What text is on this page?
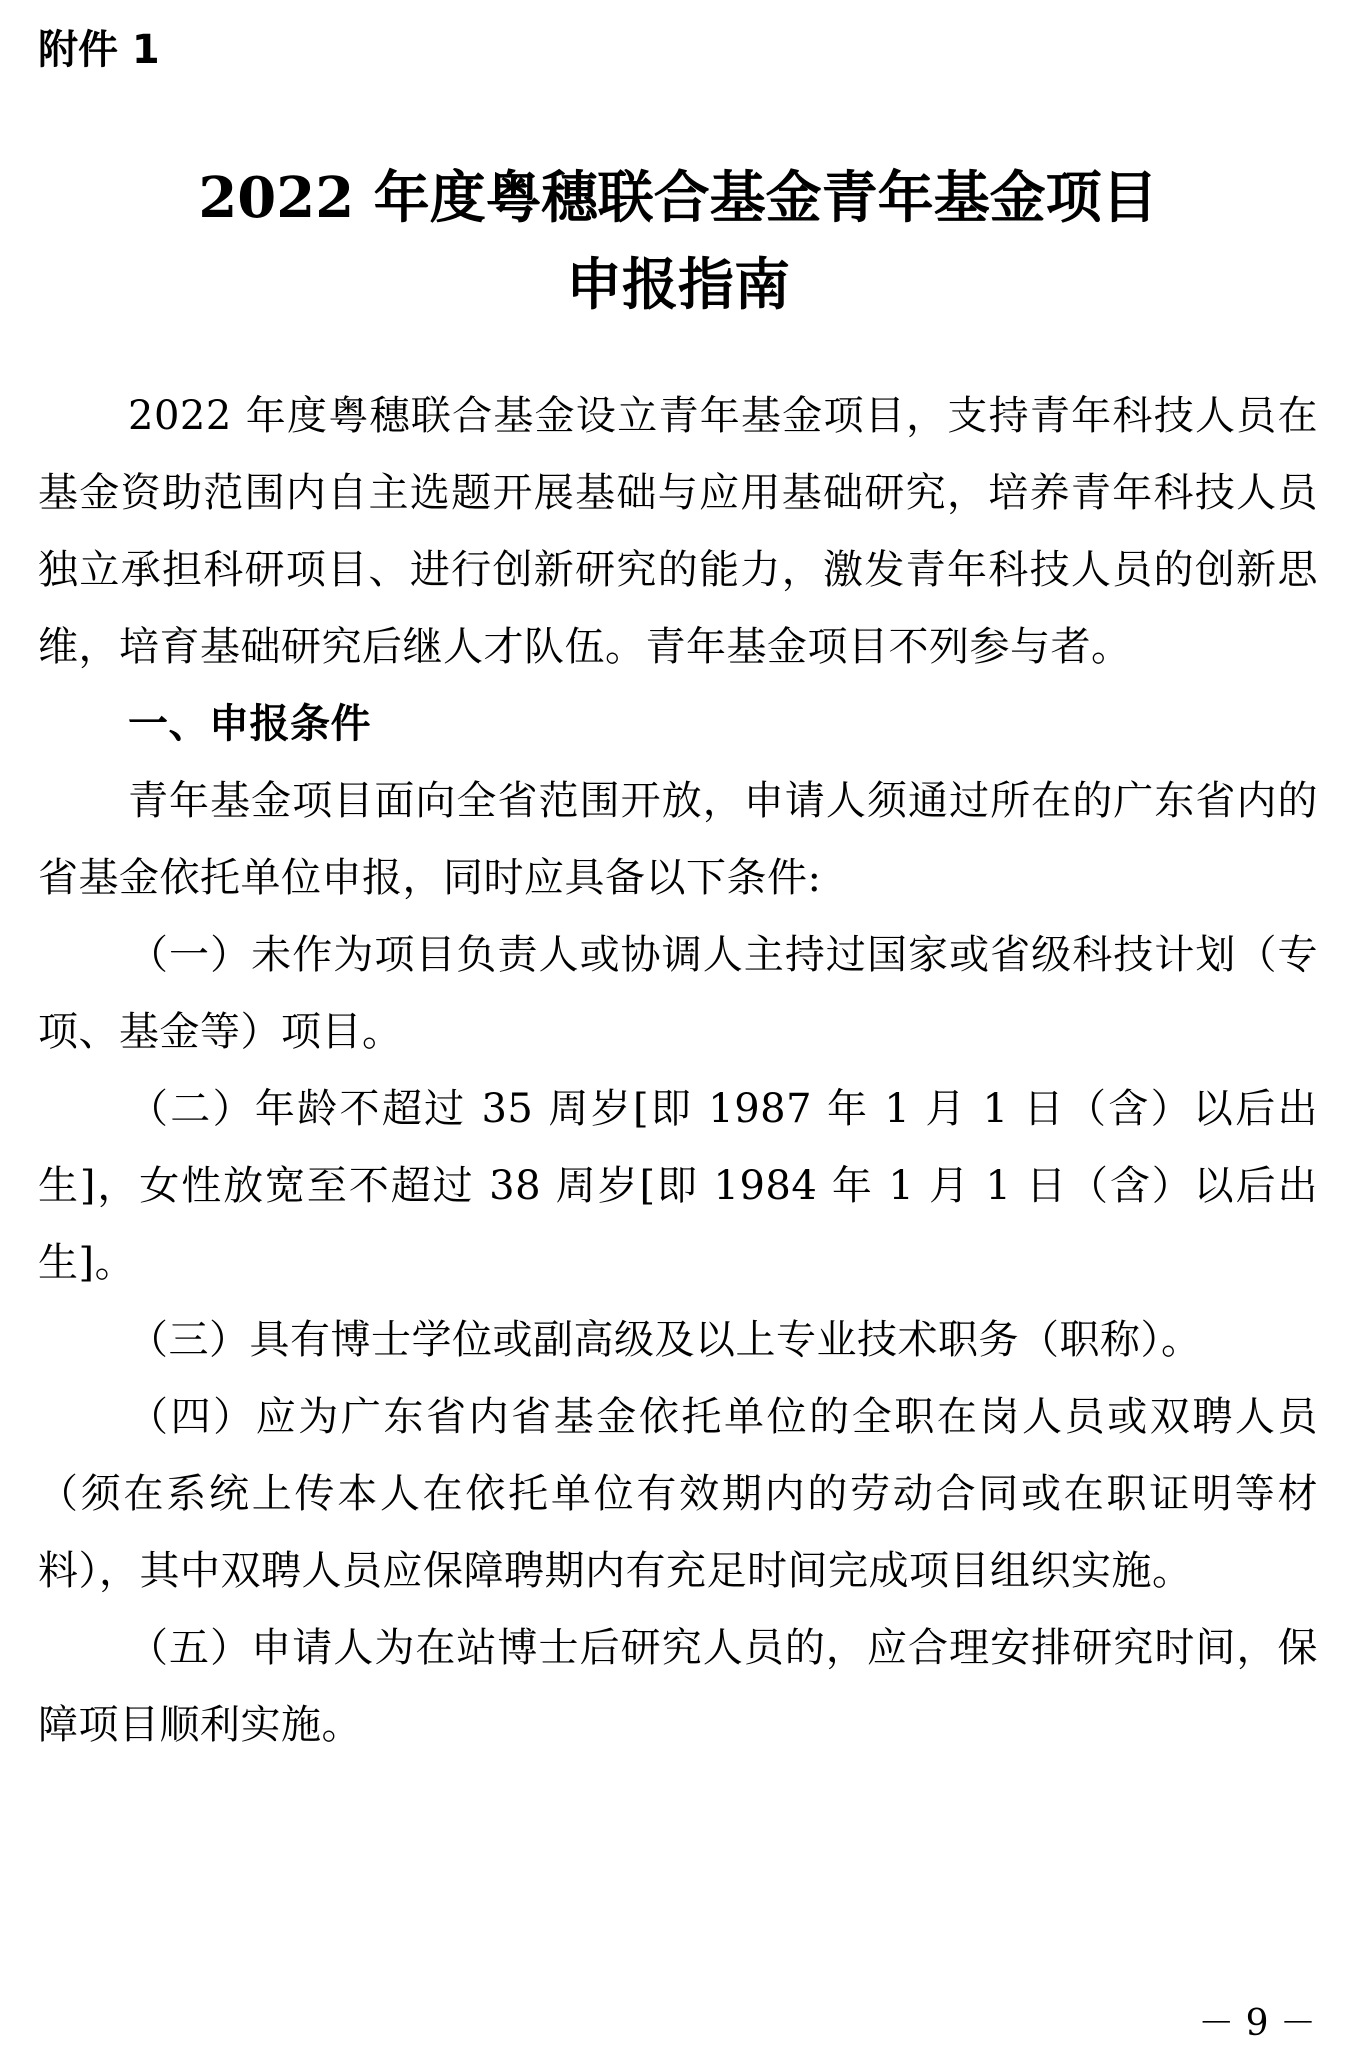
附件 1
2022 年度粤穗联合基金青年基金项目
申报指南

2022 年度粤穗联合基金设立青年基金项目，支持青年科技人员在基金资助范围内自主选题开展基础与应用基础研究，培养青年科技人员独立承担科研项目、进行创新研究的能力，激发青年科技人员的创新思维，培育基础研究后继人才队伍。青年基金项目不列参与者。

一、申报条件

青年基金项目面向全省范围开放，申请人须通过所在的广东省内的省基金依托单位申报，同时应具备以下条件:

（一）未作为项目负责人或协调人主持过国家或省级科技计划（专项、基金等）项目。

（二）年龄不超过 35 周岁[即 1987 年 1 月 1 日（含）以后出生]，女性放宽至不超过 38 周岁[即 1984 年 1 月 1 日（含）以后出生]。

（三）具有博士学位或副高级及以上专业技术职务（职称）。

（四）应为广东省内省基金依托单位的全职在岗人员或双聘人员（须在系统上传本人在依托单位有效期内的劳动合同或在职证明等材料），其中双聘人员应保障聘期内有充足时间完成项目组织实施。

（五）申请人为在站博士后研究人员的，应合理安排研究时间，保障项目顺利实施。

－ 9 －
